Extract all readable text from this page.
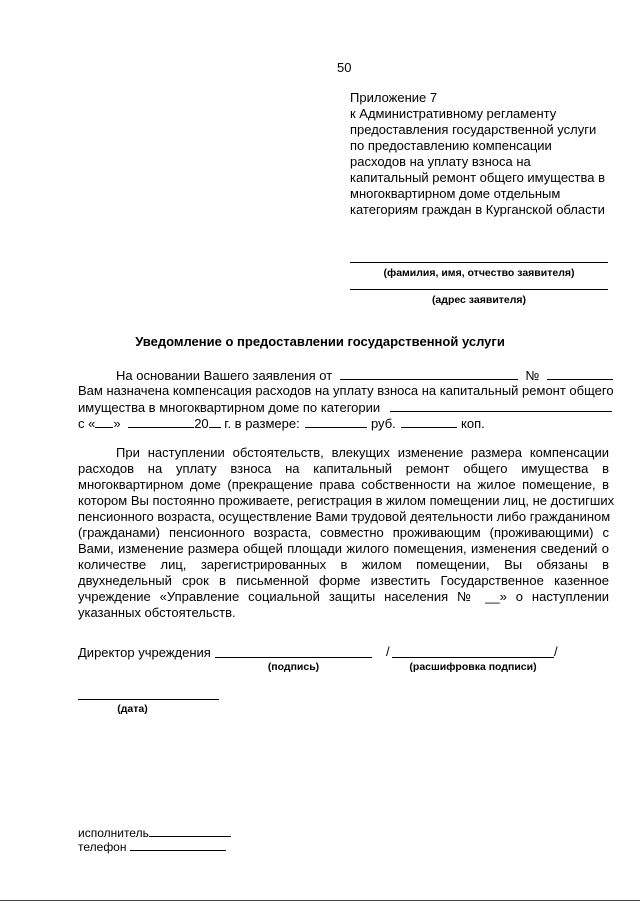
50
Приложение 7
к Административному регламенту
предоставления государственной услуги
по предоставлению компенсации
расходов на уплату взноса на
капитальный ремонт общего имущества в
многоквартирном доме отдельным
категориям граждан в Курганской области
(фамилия, имя, отчество заявителя)
(адрес заявителя)
Уведомление о предоставлении государственной услуги
На основании Вашего заявления от	№
Вам назначена компенсация расходов на уплату взноса на капитальный ремонт общего
имущества в многоквартирном доме по категории
с « »	20 г. в размере:	руб.	коп.
При наступлении обстоятельств, влекущих изменение размера компенсации
расходов на уплату взноса на капитальный ремонт общего имущества в
многоквартирном доме (прекращение права собственности на жилое помещение, в
котором Вы постоянно проживаете, регистрация в жилом помещении лиц, не достигших
пенсионного возраста, осуществление Вами трудовой деятельности либо гражданином
(гражданами) пенсионного возраста, совместно проживающим (проживающими) с
Вами, изменение размера общей площади жилого помещения, изменения сведений о
количестве лиц, зарегистрированных в жилом помещении, Вы обязаны в
двухнедельный срок в письменной форме известить Государственное казенное
учреждение «Управление социальной защиты населения № __» о наступлении
указанных обстоятельств.
Директор учреждения	/	/
(подпись)	(расшифровка подписи)
(дата)
исполнитель
телефон
